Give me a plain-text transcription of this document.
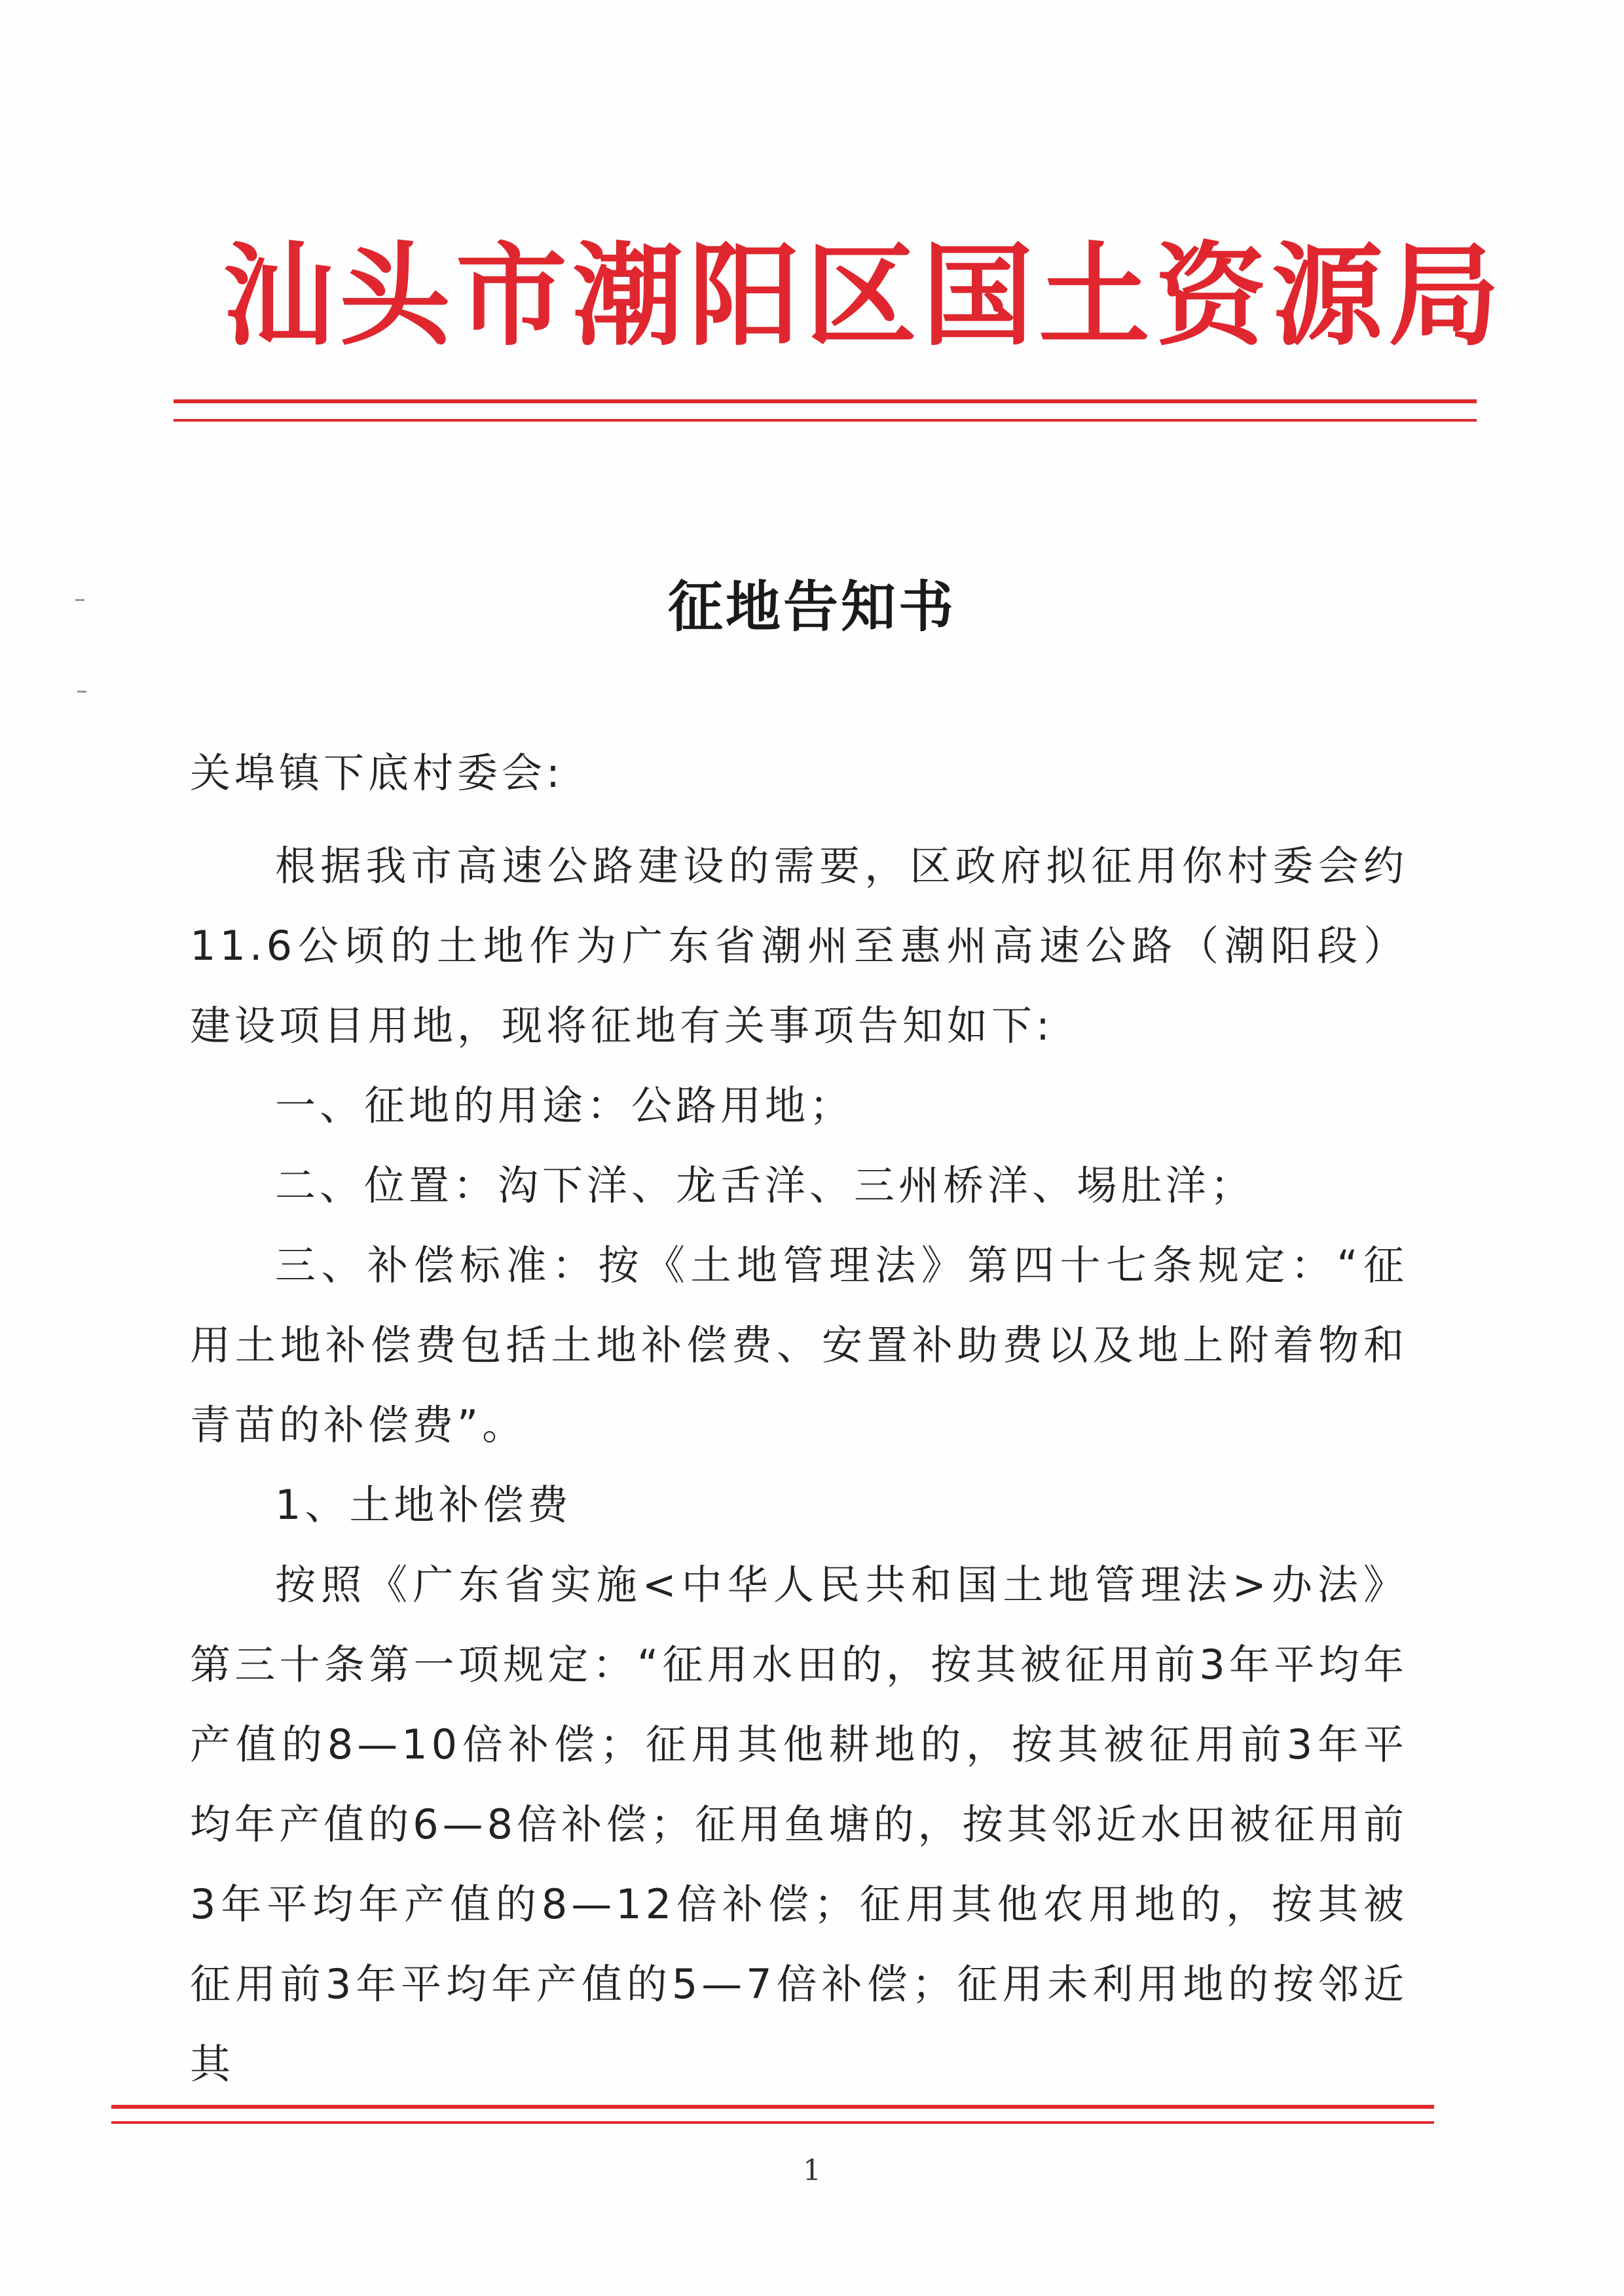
汕头市潮阳区国土资源局
征地告知书

关埠镇下底村委会:

根据我市高速公路建设的需要，区政府拟征用你村委会约11.6公顷的土地作为广东省潮州至惠州高速公路（潮阳段）建设项目用地，现将征地有关事项告知如下:

一、征地的用途：公路用地；

二、位置：沟下洋、龙舌洋、三州桥洋、埸肚洋；

三、补偿标准：按《土地管理法》第四十七条规定：“征用土地补偿费包括土地补偿费、安置补助费以及地上附着物和青苗的补偿费”。

1、土地补偿费

按照《广东省实施<中华人民共和国土地管理法>办法》第三十条第一项规定：“征用水田的，按其被征用前3年平均年产值的8—10倍补偿；征用其他耕地的，按其被征用前3年平均年产值的6—8倍补偿；征用鱼塘的，按其邻近水田被征用前3年平均年产值的8—12倍补偿；征用其他农用地的，按其被征用前3年平均年产值的5—7倍补偿；征用未利用地的按邻近其

1
